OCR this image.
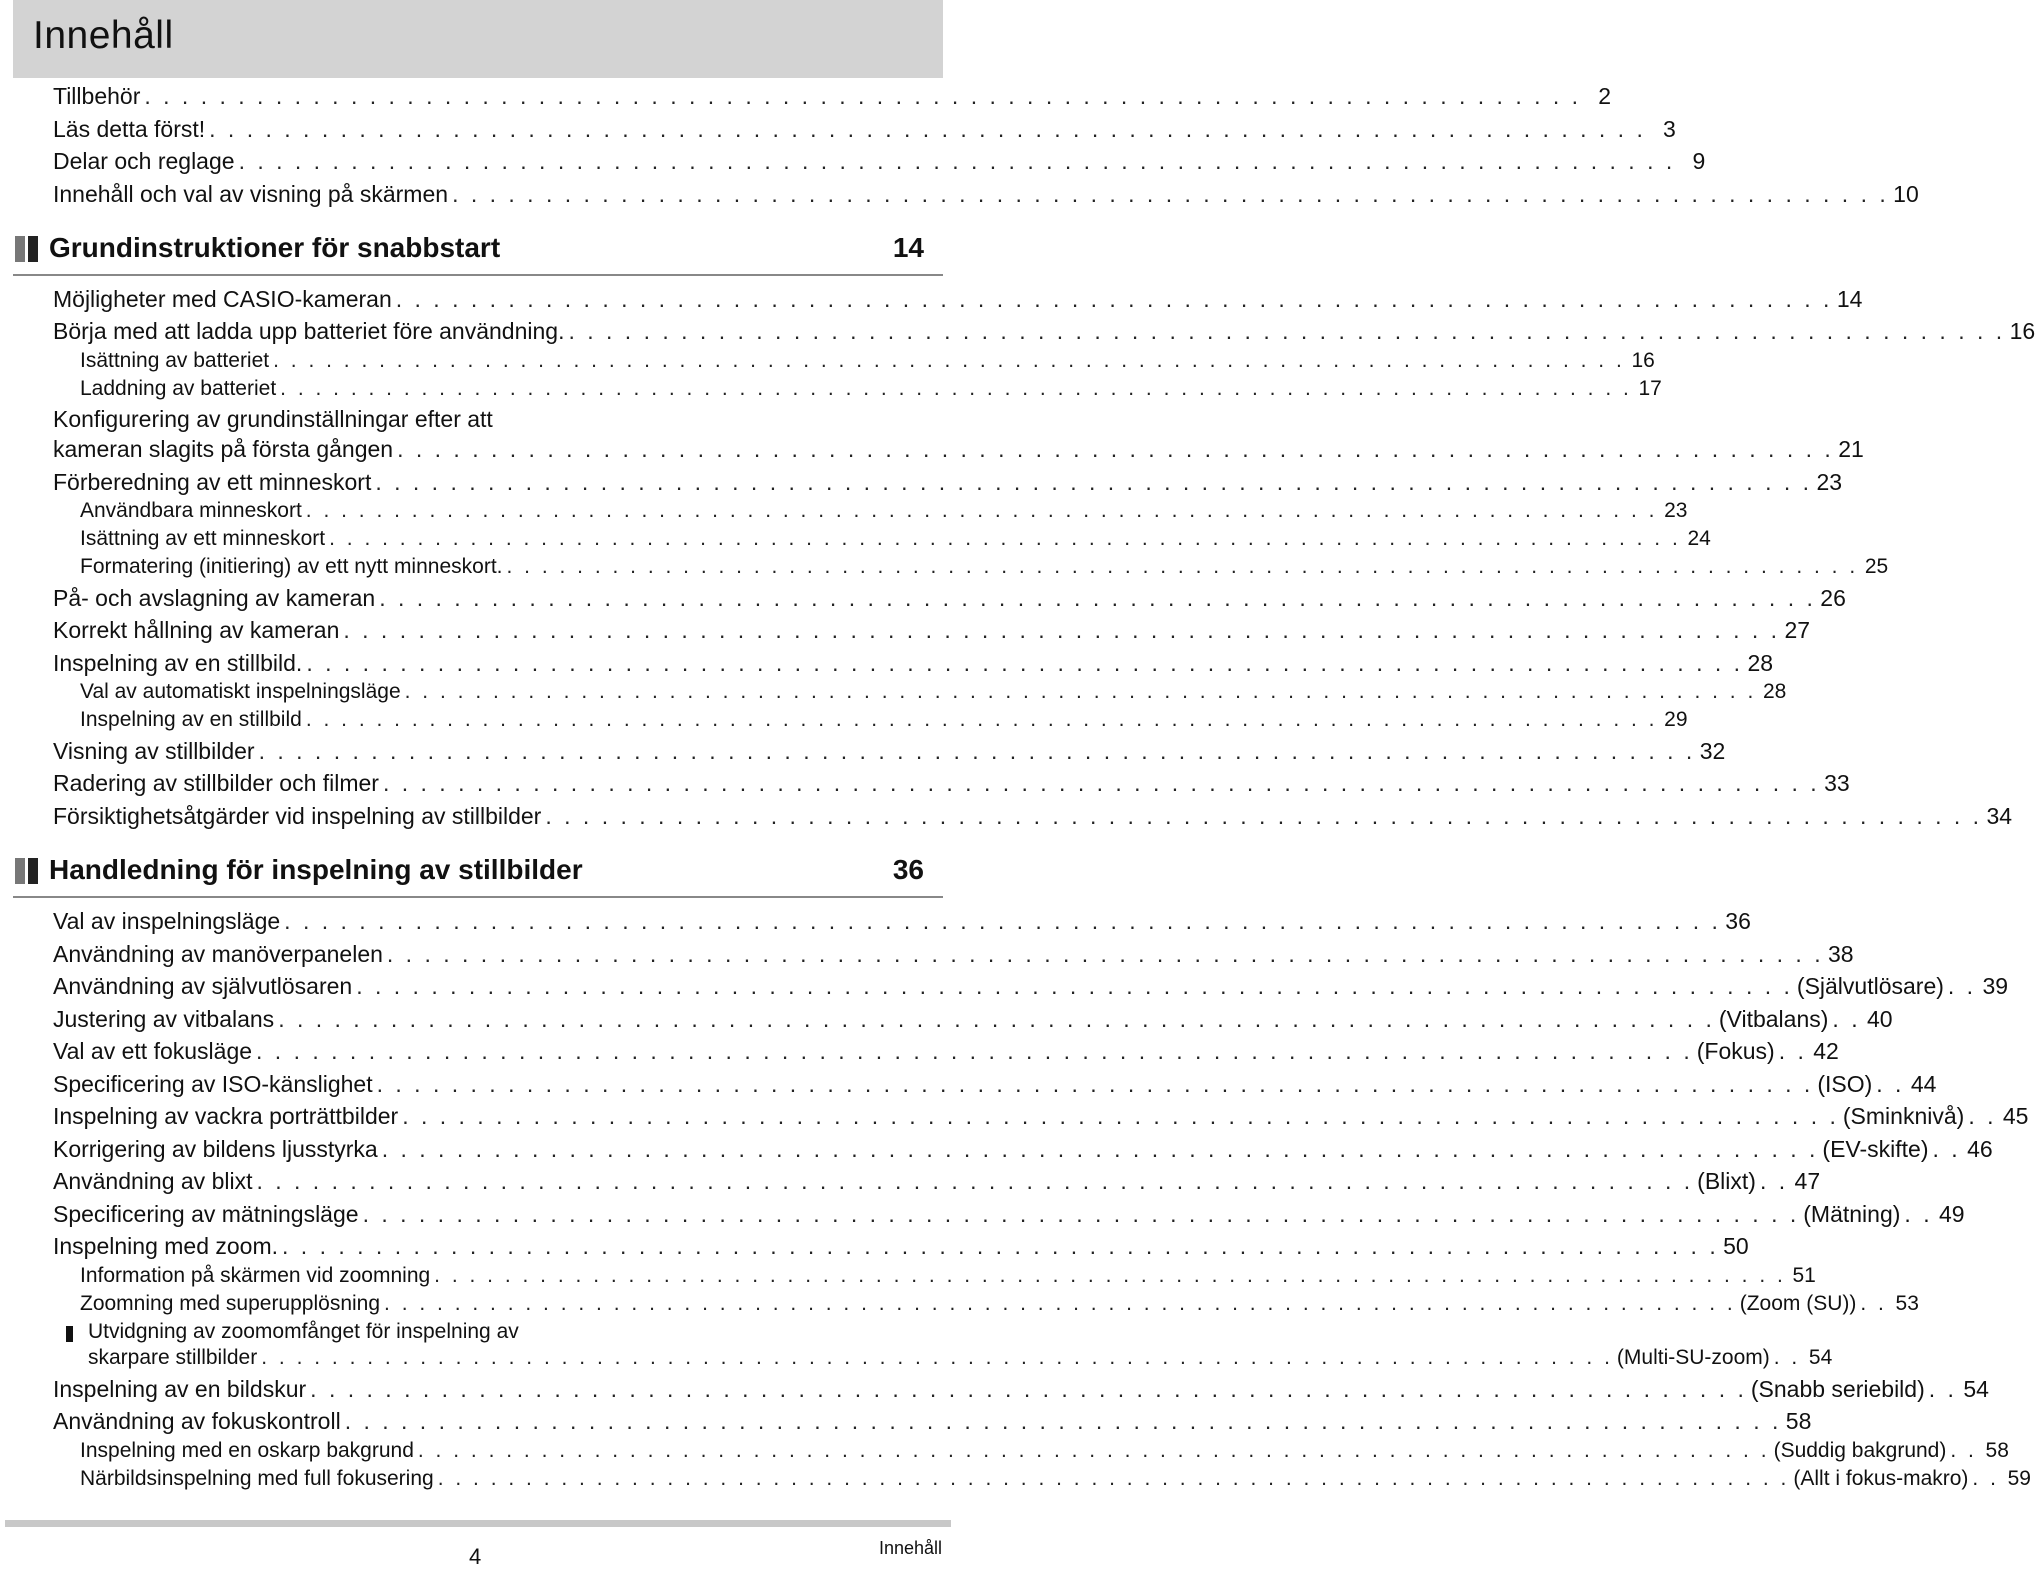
Innehåll
Tillbehör . . . . . . . . . . . . . . . . . . . . . . . . . . . . . . . . . . . . . . . . . . . . . . . . . . . . . . . . . . . . . . . . . . . . . . . . . . . . . 2
Läs detta först! . . . . . . . . . . . . . . . . . . . . . . . . . . . . . . . . . . . . . . . . . . . . . . . . . . . . . . . . . . . . . . . . . . . . . . . . . . . . . 3
Delar och reglage . . . . . . . . . . . . . . . . . . . . . . . . . . . . . . . . . . . . . . . . . . . . . . . . . . . . . . . . . . . . . . . . . . . . . . . . . . . . . 9
Innehåll och val av visning på skärmen . . . . . . . . . . . . . . . . . . . . . . . . . . . . . . . . . . . . . . . . . . . . . . . . . . . . . . . . . . . . . . . . . . . . . . . . . . . . . 10
Grundinstruktioner för snabbstart	14
Möjligheter med CASIO-kameran . . . . . . . . . . . . . . . . . . . . . . . . . . . . . . . . . . . . . . . . . . . . . . . . . . . . . . . . . . . . . . . . . . . . . . . . . . . . . 14
Börja med att ladda upp batteriet före användning. . . . . . . . . . . . . . . . . . . . . . . . . . . . . . . . . . . . . . . . . . . . . . . . . . . . . . . . . . . . . . . . . . . . . . . . . . . . . . 16
Isättning av batteriet . . . . . . . . . . . . . . . . . . . . . . . . . . . . . . . . . . . . . . . . . . . . . . . . . . . . . . . . . . . . . . . . . . . . . . . . . . . . . 16
Laddning av batteriet . . . . . . . . . . . . . . . . . . . . . . . . . . . . . . . . . . . . . . . . . . . . . . . . . . . . . . . . . . . . . . . . . . . . . . . . . . . . . 17
Konfigurering av grundinställningar efter att
kameran slagits på första gången . . . . . . . . . . . . . . . . . . . . . . . . . . . . . . . . . . . . . . . . . . . . . . . . . . . . . . . . . . . . . . . . . . . . . . . . . . . . . 21
Förberedning av ett minneskort . . . . . . . . . . . . . . . . . . . . . . . . . . . . . . . . . . . . . . . . . . . . . . . . . . . . . . . . . . . . . . . . . . . . . . . . . . . . . 23
Användbara minneskort . . . . . . . . . . . . . . . . . . . . . . . . . . . . . . . . . . . . . . . . . . . . . . . . . . . . . . . . . . . . . . . . . . . . . . . . . . . . . 23
Isättning av ett minneskort . . . . . . . . . . . . . . . . . . . . . . . . . . . . . . . . . . . . . . . . . . . . . . . . . . . . . . . . . . . . . . . . . . . . . . . . . . . . . 24
Formatering (initiering) av ett nytt minneskort. . . . . . . . . . . . . . . . . . . . . . . . . . . . . . . . . . . . . . . . . . . . . . . . . . . . . . . . . . . . . . . . . . . . . . . . . . . . . . 25
På- och avslagning av kameran . . . . . . . . . . . . . . . . . . . . . . . . . . . . . . . . . . . . . . . . . . . . . . . . . . . . . . . . . . . . . . . . . . . . . . . . . . . . . 26
Korrekt hållning av kameran . . . . . . . . . . . . . . . . . . . . . . . . . . . . . . . . . . . . . . . . . . . . . . . . . . . . . . . . . . . . . . . . . . . . . . . . . . . . . 27
Inspelning av en stillbild. . . . . . . . . . . . . . . . . . . . . . . . . . . . . . . . . . . . . . . . . . . . . . . . . . . . . . . . . . . . . . . . . . . . . . . . . . . . . . 28
Val av automatiskt inspelningsläge . . . . . . . . . . . . . . . . . . . . . . . . . . . . . . . . . . . . . . . . . . . . . . . . . . . . . . . . . . . . . . . . . . . . . . . . . . . . . 28
Inspelning av en stillbild . . . . . . . . . . . . . . . . . . . . . . . . . . . . . . . . . . . . . . . . . . . . . . . . . . . . . . . . . . . . . . . . . . . . . . . . . . . . . 29
Visning av stillbilder . . . . . . . . . . . . . . . . . . . . . . . . . . . . . . . . . . . . . . . . . . . . . . . . . . . . . . . . . . . . . . . . . . . . . . . . . . . . . 32
Radering av stillbilder och filmer . . . . . . . . . . . . . . . . . . . . . . . . . . . . . . . . . . . . . . . . . . . . . . . . . . . . . . . . . . . . . . . . . . . . . . . . . . . . . 33
Försiktighetsåtgärder vid inspelning av stillbilder . . . . . . . . . . . . . . . . . . . . . . . . . . . . . . . . . . . . . . . . . . . . . . . . . . . . . . . . . . . . . . . . . . . . . . . . . . . . . 34
Handledning för inspelning av stillbilder	36
Val av inspelningsläge . . . . . . . . . . . . . . . . . . . . . . . . . . . . . . . . . . . . . . . . . . . . . . . . . . . . . . . . . . . . . . . . . . . . . . . . . . . . . 36
Användning av manöverpanelen . . . . . . . . . . . . . . . . . . . . . . . . . . . . . . . . . . . . . . . . . . . . . . . . . . . . . . . . . . . . . . . . . . . . . . . . . . . . . 38
Användning av självutlösaren . . . . . . . . . . . . . . . . . . . . . . . . . . . . . . . . . . . . . . . . . . . . . . . . . . . . . . . . . . . . . . . . . . . . . . . . . . . . . (Självutlösare) . . 39
Justering av vitbalans . . . . . . . . . . . . . . . . . . . . . . . . . . . . . . . . . . . . . . . . . . . . . . . . . . . . . . . . . . . . . . . . . . . . . . . . . . . . . (Vitbalans) . . 40
Val av ett fokusläge . . . . . . . . . . . . . . . . . . . . . . . . . . . . . . . . . . . . . . . . . . . . . . . . . . . . . . . . . . . . . . . . . . . . . . . . . . . . . (Fokus) . . 42
Specificering av ISO-känslighet . . . . . . . . . . . . . . . . . . . . . . . . . . . . . . . . . . . . . . . . . . . . . . . . . . . . . . . . . . . . . . . . . . . . . . . . . . . . . (ISO) . . 44
Inspelning av vackra porträttbilder . . . . . . . . . . . . . . . . . . . . . . . . . . . . . . . . . . . . . . . . . . . . . . . . . . . . . . . . . . . . . . . . . . . . . . . . . . . . . (Sminknivå) . . 45
Korrigering av bildens ljusstyrka . . . . . . . . . . . . . . . . . . . . . . . . . . . . . . . . . . . . . . . . . . . . . . . . . . . . . . . . . . . . . . . . . . . . . . . . . . . . . (EV-skifte) . . 46
Användning av blixt . . . . . . . . . . . . . . . . . . . . . . . . . . . . . . . . . . . . . . . . . . . . . . . . . . . . . . . . . . . . . . . . . . . . . . . . . . . . . (Blixt) . . 47
Specificering av mätningsläge . . . . . . . . . . . . . . . . . . . . . . . . . . . . . . . . . . . . . . . . . . . . . . . . . . . . . . . . . . . . . . . . . . . . . . . . . . . . . (Mätning) . . 49
Inspelning med zoom. . . . . . . . . . . . . . . . . . . . . . . . . . . . . . . . . . . . . . . . . . . . . . . . . . . . . . . . . . . . . . . . . . . . . . . . . . . . . . 50
Information på skärmen vid zoomning . . . . . . . . . . . . . . . . . . . . . . . . . . . . . . . . . . . . . . . . . . . . . . . . . . . . . . . . . . . . . . . . . . . . . . . . . . . . . 51
Zoomning med superupplösning . . . . . . . . . . . . . . . . . . . . . . . . . . . . . . . . . . . . . . . . . . . . . . . . . . . . . . . . . . . . . . . . . . . . . . . . . . . . . (Zoom (SU)) . . 53
Utvidgning av zoomomfånget för inspelning av
skarpare stillbilder . . . . . . . . . . . . . . . . . . . . . . . . . . . . . . . . . . . . . . . . . . . . . . . . . . . . . . . . . . . . . . . . . . . . . . . . . . . . . (Multi-SU-zoom) . . 54
Inspelning av en bildskur . . . . . . . . . . . . . . . . . . . . . . . . . . . . . . . . . . . . . . . . . . . . . . . . . . . . . . . . . . . . . . . . . . . . . . . . . . . . . (Snabb seriebild) . . 54
Användning av fokuskontroll . . . . . . . . . . . . . . . . . . . . . . . . . . . . . . . . . . . . . . . . . . . . . . . . . . . . . . . . . . . . . . . . . . . . . . . . . . . . . 58
Inspelning med en oskarp bakgrund . . . . . . . . . . . . . . . . . . . . . . . . . . . . . . . . . . . . . . . . . . . . . . . . . . . . . . . . . . . . . . . . . . . . . . . . . . . . . (Suddig bakgrund) . . 58
Närbildsinspelning med full fokusering . . . . . . . . . . . . . . . . . . . . . . . . . . . . . . . . . . . . . . . . . . . . . . . . . . . . . . . . . . . . . . . . . . . . . . . . . . . . . (Allt i fokus-makro) . . 59
4	Innehåll
